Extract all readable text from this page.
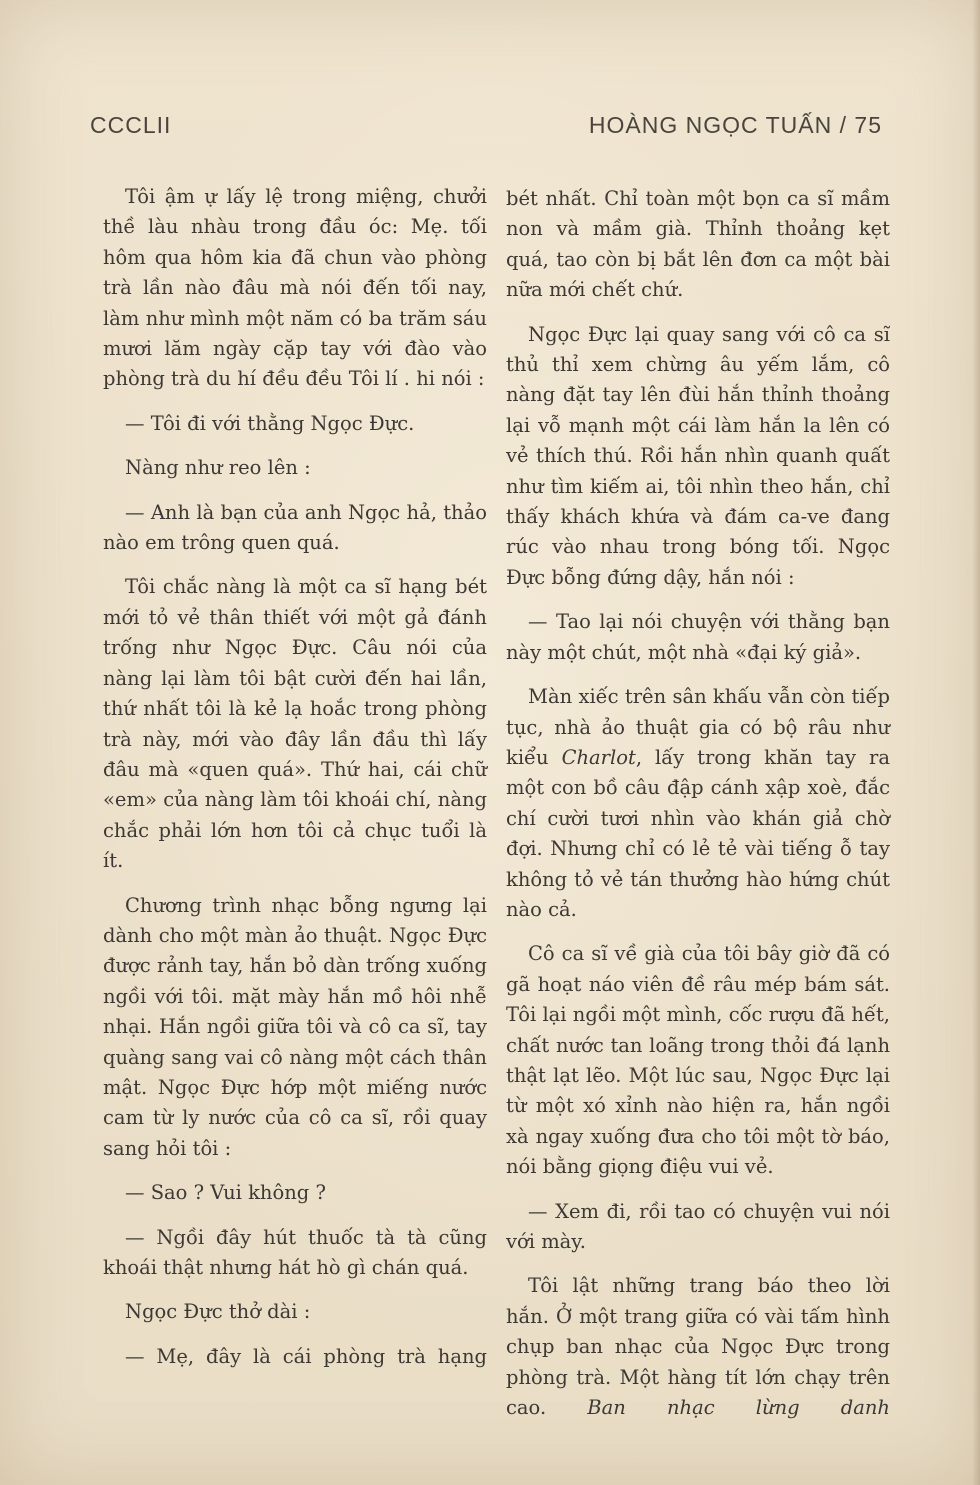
CCCLII	HOÀNG NGỌC TUẤN / 75

Tôi ậm ự lấy lệ trong miệng, chưởi thề làu nhàu trong đầu óc: Mẹ. tối hôm qua hôm kia đã chun vào phòng trà lần nào đâu mà nói đến tối nay, làm như mình một năm có ba trăm sáu mươi lăm ngày cặp tay với đào vào phòng trà du hí đều đều Tôi lí . hi nói :

— Tôi đi với thằng Ngọc Đực.

Nàng như reo lên :

— Anh là bạn của anh Ngọc hả, thảo nào em trông quen quá.

Tôi chắc nàng là một ca sĩ hạng bét mới tỏ vẻ thân thiết với một gả đánh trống như Ngọc Đực. Câu nói của nàng lại làm tôi bật cười đến hai lần, thứ nhất tôi là kẻ lạ hoắc trong phòng trà này, mới vào đây lần đầu thì lấy đâu mà «quen quá». Thứ hai, cái chữ «em» của nàng làm tôi khoái chí, nàng chắc phải lớn hơn tôi cả chục tuổi là ít.

Chương trình nhạc bỗng ngưng lại dành cho một màn ảo thuật. Ngọc Đực được rảnh tay, hắn bỏ dàn trống xuống ngồi với tôi. mặt mày hắn mồ hôi nhễ nhại. Hắn ngồi giữa tôi và cô ca sĩ, tay quàng sang vai cô nàng một cách thân mật. Ngọc Đực hớp một miếng nước cam từ ly nước của cô ca sĩ, rồi quay sang hỏi tôi :

— Sao ? Vui không ?

— Ngồi đây hút thuốc tà tà cũng khoái thật nhưng hát hò gì chán quá.

Ngọc Đực thở dài :

— Mẹ, đây là cái phòng trà hạng

bét nhất. Chỉ toàn một bọn ca sĩ mầm non và mầm già. Thỉnh thoảng kẹt quá, tao còn bị bắt lên đơn ca một bài nữa mới chết chứ.

Ngọc Đực lại quay sang với cô ca sĩ thủ thỉ xem chừng âu yếm lắm, cô nàng đặt tay lên đùi hắn thỉnh thoảng lại vỗ mạnh một cái làm hắn la lên có vẻ thích thú. Rồi hắn nhìn quanh quất như tìm kiếm ai, tôi nhìn theo hắn, chỉ thấy khách khứa và đám ca-ve đang rúc vào nhau trong bóng tối. Ngọc Đực bỗng đứng dậy, hắn nói :

— Tao lại nói chuyện với thằng bạn này một chút, một nhà «đại ký giả».

Màn xiếc trên sân khấu vẫn còn tiếp tục, nhà ảo thuật gia có bộ râu như kiểu Charlot, lấy trong khăn tay ra một con bồ câu đập cánh xập xoè, đắc chí cười tươi nhìn vào khán giả chờ đợi. Nhưng chỉ có lẻ tẻ vài tiếng ỗ tay không tỏ vẻ tán thưởng hào hứng chút nào cả.

Cô ca sĩ về già của tôi bây giờ đã có gã hoạt náo viên đề râu mép bám sát. Tôi lại ngồi một mình, cốc rượu đã hết, chất nước tan loãng trong thỏi đá lạnh thật lạt lẽo. Một lúc sau, Ngọc Đực lại từ một xó xỉnh nào hiện ra, hắn ngồi xà ngay xuống đưa cho tôi một tờ báo, nói bằng giọng điệu vui vẻ.

— Xem đi, rồi tao có chuyện vui nói với mày.

Tôi lật những trang báo theo lời hắn. Ở một trang giữa có vài tấm hình chụp ban nhạc của Ngọc Đực trong phòng trà. Một hàng tít lớn chạy trên cao. Ban nhạc lừng danh
